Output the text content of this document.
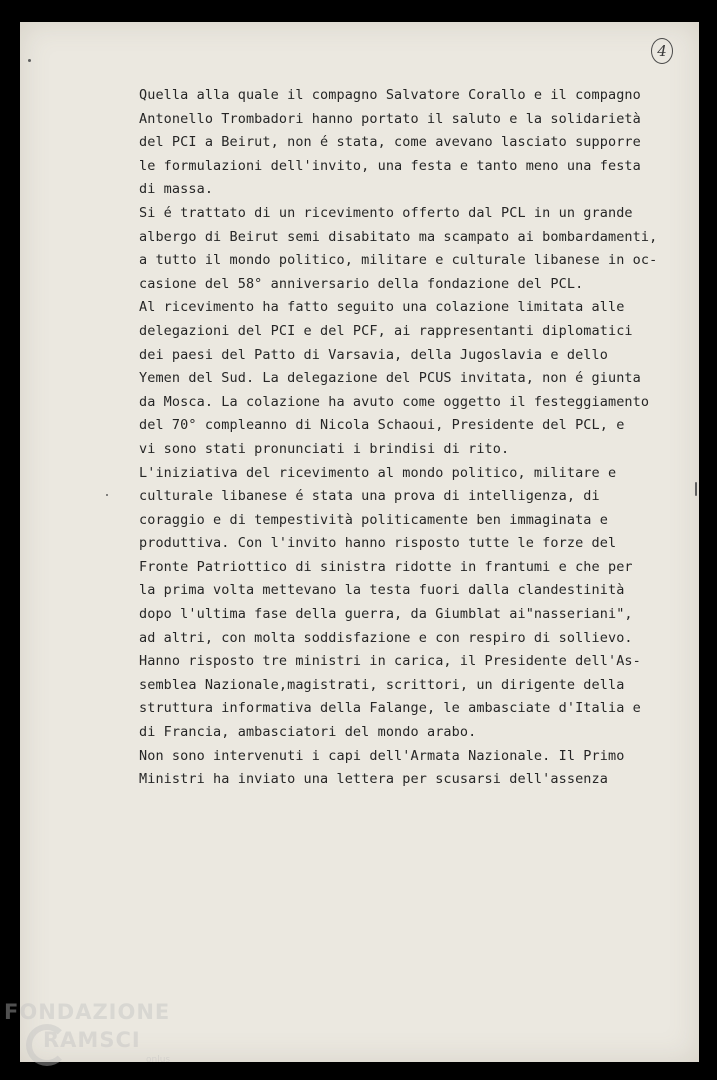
4
Quella alla quale il compagno Salvatore Corallo e il compagno
Antonello Trombadori hanno portato il saluto e la solidarietà
del PCI a Beirut, non é stata, come avevano lasciato supporre
le formulazioni dell'invito, una festa e tanto meno una festa
di massa.
Si é trattato di un ricevimento offerto dal PCL in un grande
albergo di Beirut semi disabitato ma scampato ai bombardamenti,
a tutto il mondo politico, militare e culturale libanese in oc-
casione del 58° anniversario della fondazione del PCL.
Al ricevimento ha fatto seguito una colazione limitata alle
delegazioni del PCI e del PCF, ai rappresentanti diplomatici
dei paesi del Patto di Varsavia, della Jugoslavia e dello
Yemen del Sud. La delegazione del PCUS invitata, non é giunta
da Mosca. La colazione ha avuto come oggetto il festeggiamento
del 70° compleanno di Nicola Schaoui, Presidente del PCL, e
vi sono stati pronunciati i brindisi di rito.
L'iniziativa del ricevimento al mondo politico, militare e
culturale libanese é stata una prova di intelligenza, di
coraggio e di tempestività politicamente ben immaginata e
produttiva. Con l'invito hanno risposto tutte le forze del
Fronte Patriottico di sinistra ridotte in frantumi e che per
la prima volta mettevano la testa fuori dalla clandestinità
dopo l'ultima fase della guerra, da Giumblat ai"nasseriani",
ad altri, con molta soddisfazione e con respiro di sollievo.
Hanno risposto tre ministri in carica, il Presidente dell'As-
semblea Nazionale,magistrati, scrittori, un dirigente della
struttura informativa della Falange, le ambasciate d'Italia e
di Francia, ambasciatori del mondo arabo.
Non sono intervenuti i capi dell'Armata Nazionale. Il Primo
Ministri ha inviato una lettera per scusarsi dell'assenza
FONDAZIONE
RAMSCI
onlus
